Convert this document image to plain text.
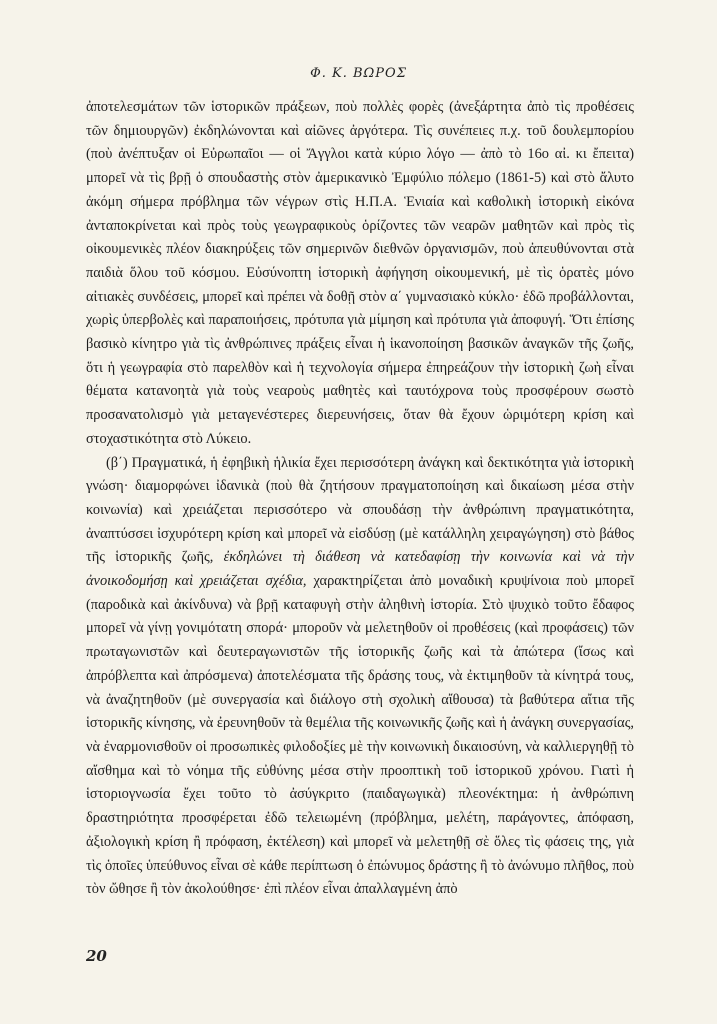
Φ. Κ. ΒΩΡΟΣ

ἀποτελεσμάτων τῶν ἱστορικῶν πράξεων, ποὺ πολλὲς φορὲς (ἀνεξάρτητα ἀπὸ τὶς προθέσεις τῶν δημιουργῶν) ἐκδηλώνονται καὶ αἰῶνες ἀργότερα. Τὶς συνέπειες π.χ. τοῦ δουλεμπορίου (ποὺ ἀνέπτυξαν οἱ Εὐρωπαῖοι — οἱ Ἄγγλοι κατὰ κύριο λόγο — ἀπὸ τὸ 16ο αἰ. κι ἔπειτα) μπορεῖ νὰ τὶς βρῇ ὁ σπουδαστὴς στὸν ἀμερικανικὸ Ἐμφύλιο πόλεμο (1861-5) καὶ στὸ ἄλυτο ἀκόμη σήμερα πρόβλημα τῶν νέγρων στὶς Η.Π.Α. Ἑνιαία καὶ καθολικὴ ἱστορικὴ εἰκόνα ἀνταποκρίνεται καὶ πρὸς τοὺς γεωγραφικοὺς ὁρίζοντες τῶν νεαρῶν μαθητῶν καὶ πρὸς τὶς οἰκουμενικὲς πλέον διακηρύξεις τῶν σημερινῶν διεθνῶν ὀργανισμῶν, ποὺ ἀπευθύνονται στὰ παιδιὰ ὅλου τοῦ κόσμου. Εὐσύνοπτη ἱστορικὴ ἀφήγηση οἰκουμενική, μὲ τὶς ὁρατὲς μόνο αἰτιακὲς συνδέσεις, μπορεῖ καὶ πρέπει νὰ δοθῇ στὸν α΄ γυμνασιακὸ κύκλο· ἐδῶ προβάλλονται, χωρὶς ὑπερβολὲς καὶ παραποιήσεις, πρότυπα γιὰ μίμηση καὶ πρότυπα γιὰ ἀποφυγή. Ὅτι ἐπίσης βασικὸ κίνητρο γιὰ τὶς ἀνθρώπινες πράξεις εἶναι ἡ ἱκανοποίηση βασικῶν ἀναγκῶν τῆς ζωῆς, ὅτι ἡ γεωγραφία στὸ παρελθὸν καὶ ἡ τεχνολογία σήμερα ἐπηρεάζουν τὴν ἱστορικὴ ζωὴ εἶναι θέματα κατανοητὰ γιὰ τοὺς νεαροὺς μαθητὲς καὶ ταυτόχρονα τοὺς προσφέρουν σωστὸ προσανατολισμὸ γιὰ μεταγενέστερες διερευνήσεις, ὅταν θὰ ἔχουν ὡριμότερη κρίση καὶ στοχαστικότητα στὸ Λύκειο.

(β΄) Πραγματικά, ἡ ἐφηβικὴ ἡλικία ἔχει περισσότερη ἀνάγκη καὶ δεκτικότητα γιὰ ἱστορικὴ γνώση· διαμορφώνει ἰδανικὰ (ποὺ θὰ ζητήσουν πραγματοποίηση καὶ δικαίωση μέσα στὴν κοινωνία) καὶ χρειάζεται περισσότερο νὰ σπουδάσῃ τὴν ἀνθρώπινη πραγματικότητα, ἀναπτύσσει ἰσχυρότερη κρίση καὶ μπορεῖ νὰ εἰσδύσῃ (μὲ κατάλληλη χειραγώγηση) στὸ βάθος τῆς ἱστορικῆς ζωῆς, ἐκδηλώνει τὴ διάθεση νὰ κατεδαφίσῃ τὴν κοινωνία καὶ νὰ τὴν ἀνοικοδομήσῃ καὶ χρειάζεται σχέδια, χαρακτηρίζεται ἀπὸ μοναδικὴ κρυψίνοια ποὺ μπορεῖ (παροδικὰ καὶ ἀκίνδυνα) νὰ βρῇ καταφυγὴ στὴν ἀληθινὴ ἱστορία. Στὸ ψυχικὸ τοῦτο ἔδαφος μπορεῖ νὰ γίνῃ γονιμότατη σπορά· μποροῦν νὰ μελετηθοῦν οἱ προθέσεις (καὶ προφάσεις) τῶν πρωταγωνιστῶν καὶ δευτεραγωνιστῶν τῆς ἱστορικῆς ζωῆς καὶ τὰ ἀπώτερα (ἴσως καὶ ἀπρόβλεπτα καὶ ἀπρόσμενα) ἀποτελέσματα τῆς δράσης τους, νὰ ἐκτιμηθοῦν τὰ κίνητρά τους, νὰ ἀναζητηθοῦν (μὲ συνεργασία καὶ διάλογο στὴ σχολικὴ αἴθουσα) τὰ βαθύτερα αἴτια τῆς ἱστορικῆς κίνησης, νὰ ἐρευνηθοῦν τὰ θεμέλια τῆς κοινωνικῆς ζωῆς καὶ ἡ ἀνάγκη συνεργασίας, νὰ ἐναρμονισθοῦν οἱ προσωπικὲς φιλοδοξίες μὲ τὴν κοινωνικὴ δικαιοσύνη, νὰ καλλιεργηθῇ τὸ αἴσθημα καὶ τὸ νόημα τῆς εὐθύνης μέσα στὴν προοπτικὴ τοῦ ἱστορικοῦ χρόνου. Γιατὶ ἡ ἱστοριογνωσία ἔχει τοῦτο τὸ ἀσύγκριτο (παιδαγωγικὰ) πλεονέκτημα: ἡ ἀνθρώπινη δραστηριότητα προσφέρεται ἐδῶ τελειωμένη (πρόβλημα, μελέτη, παράγοντες, ἀπόφαση, ἀξιολογικὴ κρίση ἢ πρόφαση, ἐκτέλεση) καὶ μπορεῖ νὰ μελετηθῇ σὲ ὅλες τὶς φάσεις της, γιὰ τὶς ὁποῖες ὑπεύθυνος εἶναι σὲ κάθε περίπτωση ὁ ἐπώνυμος δράστης ἢ τὸ ἀνώνυμο πλῆθος, ποὺ τὸν ὤθησε ἢ τὸν ἀκολούθησε· ἐπὶ πλέον εἶναι ἀπαλλαγμένη ἀπὸ

20
